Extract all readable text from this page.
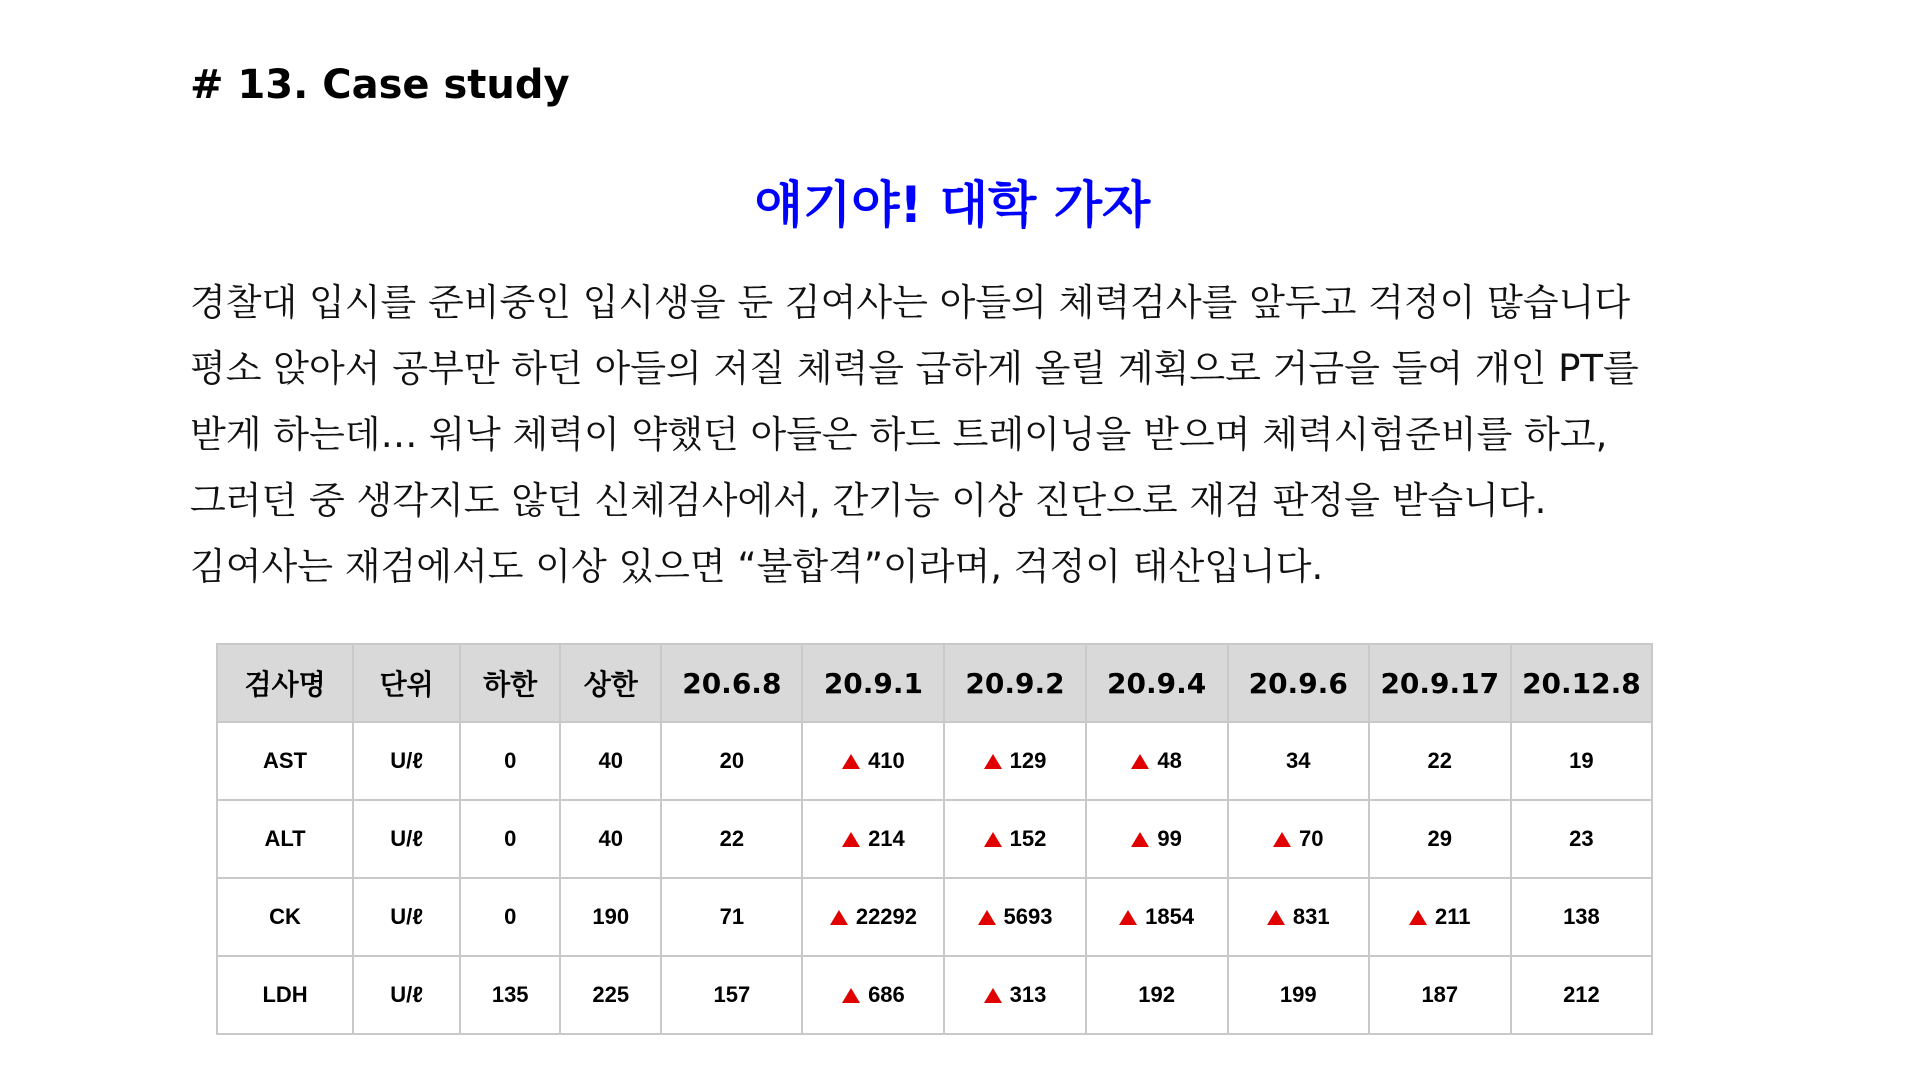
# 13. Case study
얘기야! 대학 가자
경찰대 입시를 준비중인 입시생을 둔 김여사는 아들의 체력검사를 앞두고 걱정이 많습니다
평소 앉아서 공부만 하던 아들의 저질 체력을 급하게 올릴 계획으로 거금을 들여 개인 PT를
받게 하는데… 워낙 체력이 약했던 아들은 하드 트레이닝을 받으며 체력시험준비를 하고,
그러던 중 생각지도 않던 신체검사에서, 간기능 이상 진단으로 재검 판정을 받습니다.
김여사는 재검에서도 이상 있으면 “불합격”이라며, 걱정이 태산입니다.
검사명	단위	하한	상한	20.6.8	20.9.1	20.9.2	20.9.4	20.9.6	20.9.17	20.12.8
AST	U/ℓ	0	40	20	410	129	48	34	22	19
ALT	U/ℓ	0	40	22	214	152	99	70	29	23
CK	U/ℓ	0	190	71	22292	5693	1854	831	211	138
LDH	U/ℓ	135	225	157	686	313	192	199	187	212
